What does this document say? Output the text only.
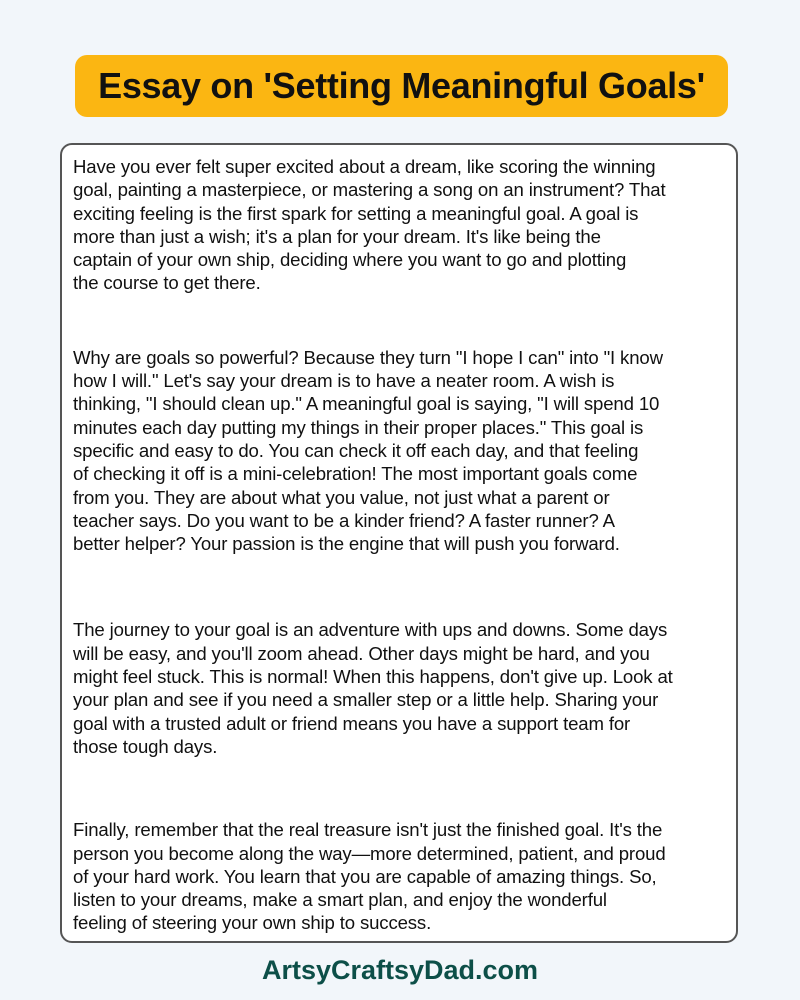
Essay on 'Setting Meaningful Goals'

Have you ever felt super excited about a dream, like scoring the winning
goal, painting a masterpiece, or mastering a song on an instrument? That
exciting feeling is the first spark for setting a meaningful goal. A goal is
more than just a wish; it's a plan for your dream. It's like being the
captain of your own ship, deciding where you want to go and plotting
the course to get there.

Why are goals so powerful? Because they turn "I hope I can" into "I know
how I will." Let's say your dream is to have a neater room. A wish is
thinking, "I should clean up." A meaningful goal is saying, "I will spend 10
minutes each day putting my things in their proper places." This goal is
specific and easy to do. You can check it off each day, and that feeling
of checking it off is a mini-celebration! The most important goals come
from you. They are about what you value, not just what a parent or
teacher says. Do you want to be a kinder friend? A faster runner? A
better helper? Your passion is the engine that will push you forward.

The journey to your goal is an adventure with ups and downs. Some days
will be easy, and you'll zoom ahead. Other days might be hard, and you
might feel stuck. This is normal! When this happens, don't give up. Look at
your plan and see if you need a smaller step or a little help. Sharing your
goal with a trusted adult or friend means you have a support team for
those tough days.

Finally, remember that the real treasure isn't just the finished goal. It's the
person you become along the way—more determined, patient, and proud
of your hard work. You learn that you are capable of amazing things. So,
listen to your dreams, make a smart plan, and enjoy the wonderful
feeling of steering your own ship to success.

ArtsyCraftsyDad.com
